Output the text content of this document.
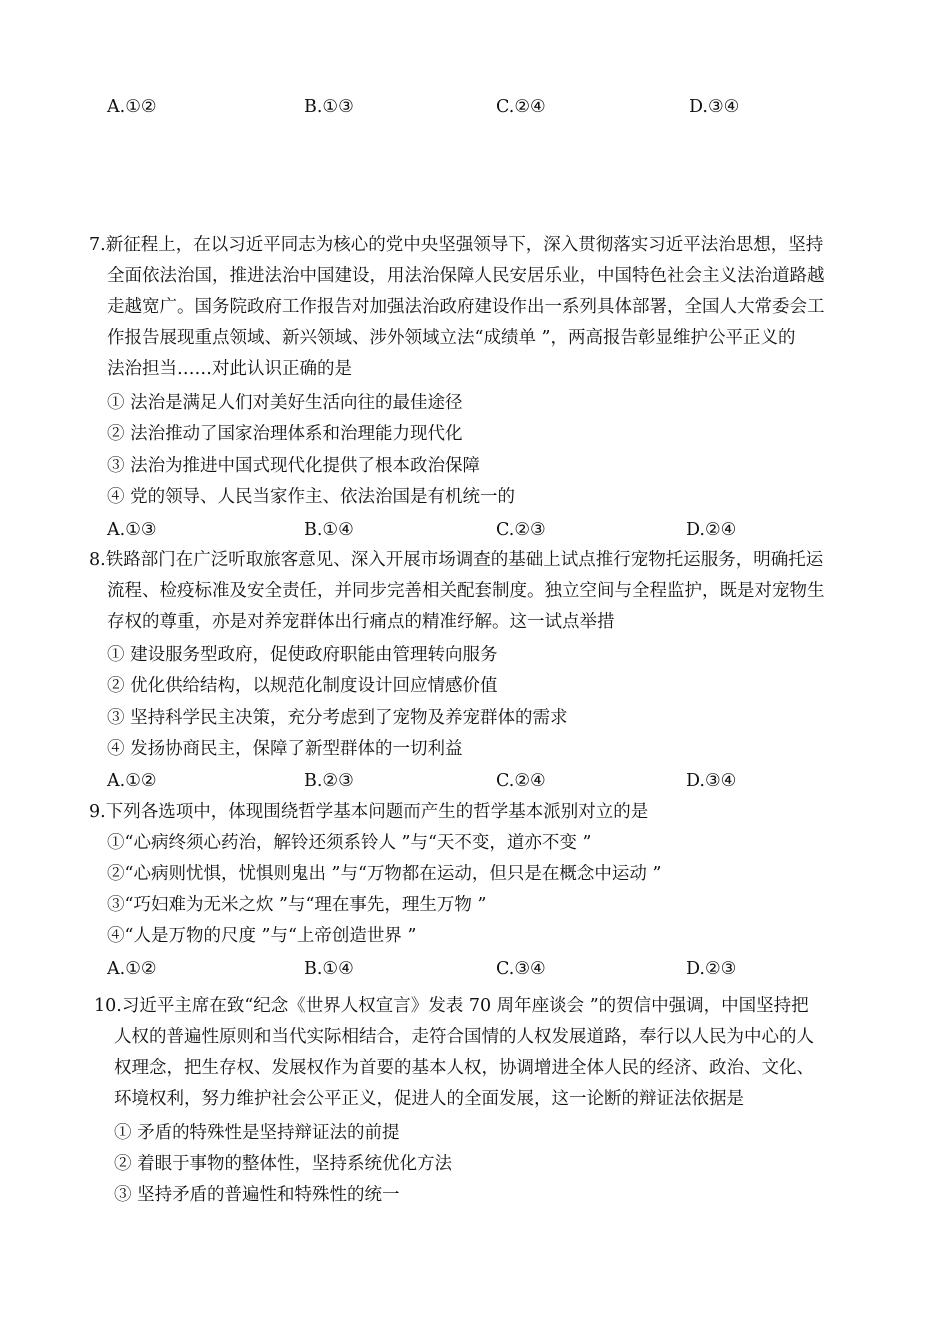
A.①②	B.①③	C.②④	D.③④
7.新征程上，在以习近平同志为核心的党中央坚强领导下，深入贯彻落实习近平法治思想，坚持
全面依法治国，推进法治中国建设，用法治保障人民安居乐业，中国特色社会主义法治道路越
走越宽广。国务院政府工作报告对加强法治政府建设作出一系列具体部署，全国人大常委会工
作报告展现重点领域、新兴领域、涉外领域立法“成绩单 ”，两高报告彰显维护公平正义的
法治担当……对此认识正确的是
① 法治是满足人们对美好生活向往的最佳途径
② 法治推动了国家治理体系和治理能力现代化
③ 法治为推进中国式现代化提供了根本政治保障
④ 党的领导、人民当家作主、依法治国是有机统一的
A.①③	B.①④	C.②③	D.②④
8.铁路部门在广泛听取旅客意见、深入开展市场调查的基础上试点推行宠物托运服务，明确托运
流程、检疫标准及安全责任，并同步完善相关配套制度。独立空间与全程监护，既是对宠物生
存权的尊重，亦是对养宠群体出行痛点的精准纾解。这一试点举措
① 建设服务型政府，促使政府职能由管理转向服务
② 优化供给结构，以规范化制度设计回应情感价值
③ 坚持科学民主决策，充分考虑到了宠物及养宠群体的需求
④ 发扬协商民主，保障了新型群体的一切利益
A.①②	B.②③	C.②④	D.③④
9.下列各选项中，体现围绕哲学基本问题而产生的哲学基本派别对立的是
①“心病终须心药治，解铃还须系铃人 ”与“天不变，道亦不变 ”
②“心病则忧惧，忧惧则鬼出 ”与“万物都在运动，但只是在概念中运动 ”
③“巧妇难为无米之炊 ”与“理在事先，理生万物 ”
④“人是万物的尺度 ”与“上帝创造世界 ”
A.①②	B.①④	C.③④	D.②③
10.习近平主席在致“纪念《世界人权宣言》发表 70 周年座谈会 ”的贺信中强调，中国坚持把
人权的普遍性原则和当代实际相结合，走符合国情的人权发展道路，奉行以人民为中心的人
权理念，把生存权、发展权作为首要的基本人权，协调增进全体人民的经济、政治、文化、
环境权利，努力维护社会公平正义，促进人的全面发展，这一论断的辩证法依据是
① 矛盾的特殊性是坚持辩证法的前提
② 着眼于事物的整体性，坚持系统优化方法
③ 坚持矛盾的普遍性和特殊性的统一
